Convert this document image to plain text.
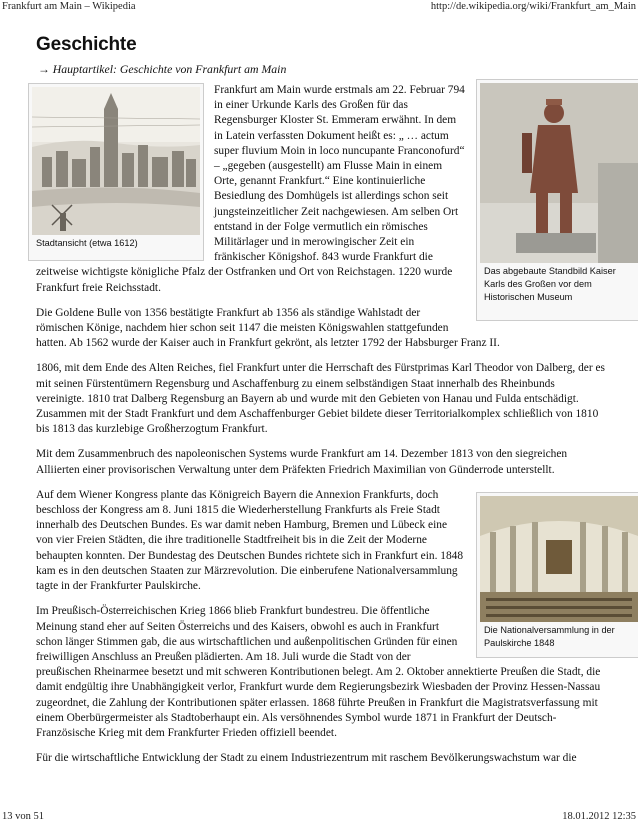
Frankfurt am Main – Wikipedia	http://de.wikipedia.org/wiki/Frankfurt_am_Main
Geschichte
→ Hauptartikel: Geschichte von Frankfurt am Main
Stadtansicht (etwa 1612)
Das abgebaute Standbild Kaiser Karls des Großen vor dem Historischen Museum

Frankfurt am Main wurde erstmals am 22. Februar 794 in einer Urkunde Karls des Großen für das Regensburger Kloster St. Emmeram erwähnt. In dem in Latein verfassten Dokument heißt es: „ … actum super fluvium Moin in loco nuncupante Franconofurd“ – „gegeben (ausgestellt) am Flusse Main in einem Orte, genannt Frankfurt.“ Eine kontinuierliche Besiedlung des Domhügels ist allerdings schon seit jungsteinzeitlicher Zeit nachgewiesen. Am selben Ort entstand in der Folge vermutlich ein römisches Militärlager und in merowingischer Zeit ein fränkischer Königshof. 843 wurde Frankfurt die zeitweise wichtigste königliche Pfalz der Ostfranken und Ort von Reichstagen. 1220 wurde Frankfurt freie Reichsstadt.

Die Goldene Bulle von 1356 bestätigte Frankfurt ab 1356 als ständige Wahlstadt der römischen Könige, nachdem hier schon seit 1147 die meisten Königswahlen stattgefunden hatten. Ab 1562 wurde der Kaiser auch in Frankfurt gekrönt, als letzter 1792 der Habsburger Franz II.

1806, mit dem Ende des Alten Reiches, fiel Frankfurt unter die Herrschaft des Fürstprimas Karl Theodor von Dalberg, der es mit seinen Fürstentümern Regensburg und Aschaffenburg zu einem selbständigen Staat innerhalb des Rheinbunds vereinigte. 1810 trat Dalberg Regensburg an Bayern ab und wurde mit den Gebieten von Hanau und Fulda entschädigt. Zusammen mit der Stadt Frankfurt und dem Aschaffenburger Gebiet bildete dieser Territorialkomplex schließlich von 1810 bis 1813 das kurzlebige Großherzogtum Frankfurt.

Mit dem Zusammenbruch des napoleonischen Systems wurde Frankfurt am 14. Dezember 1813 von den siegreichen Alliierten einer provisorischen Verwaltung unter dem Präfekten Friedrich Maximilian von Günderrode unterstellt.

Die Nationalversammlung in der Paulskirche 1848

Auf dem Wiener Kongress plante das Königreich Bayern die Annexion Frankfurts, doch beschloss der Kongress am 8. Juni 1815 die Wiederherstellung Frankfurts als Freie Stadt innerhalb des Deutschen Bundes. Es war damit neben Hamburg, Bremen und Lübeck eine von vier Freien Städten, die ihre traditionelle Stadtfreiheit bis in die Zeit der Moderne behaupten konnten. Der Bundestag des Deutschen Bundes richtete sich in Frankfurt ein. 1848 kam es in den deutschen Staaten zur Märzrevolution. Die einberufene Nationalversammlung tagte in der Frankfurter Paulskirche.

Im Preußisch-Österreichischen Krieg 1866 blieb Frankfurt bundestreu. Die öffentliche Meinung stand eher auf Seiten Österreichs und des Kaisers, obwohl es auch in Frankfurt schon länger Stimmen gab, die aus wirtschaftlichen und außenpolitischen Gründen für einen freiwilligen Anschluss an Preußen plädierten. Am 18. Juli wurde die Stadt von der preußischen Rheinarmee besetzt und mit schweren Kontributionen belegt. Am 2. Oktober annektierte Preußen die Stadt, die damit endgültig ihre Unabhängigkeit verlor, Frankfurt wurde dem Regierungsbezirk Wiesbaden der Provinz Hessen-Nassau zugeordnet, die Zahlung der Kontributionen später erlassen. 1868 führte Preußen in Frankfurt die Magistratsverfassung mit einem Oberbürgermeister als Stadtoberhaupt ein. Als versöhnendes Symbol wurde 1871 in Frankfurt der Deutsch-Französische Krieg mit dem Frankfurter Frieden offiziell beendet.

Für die wirtschaftliche Entwicklung der Stadt zu einem Industriezentrum mit raschem Bevölkerungswachstum war die

13 von 51	18.01.2012 12:35
